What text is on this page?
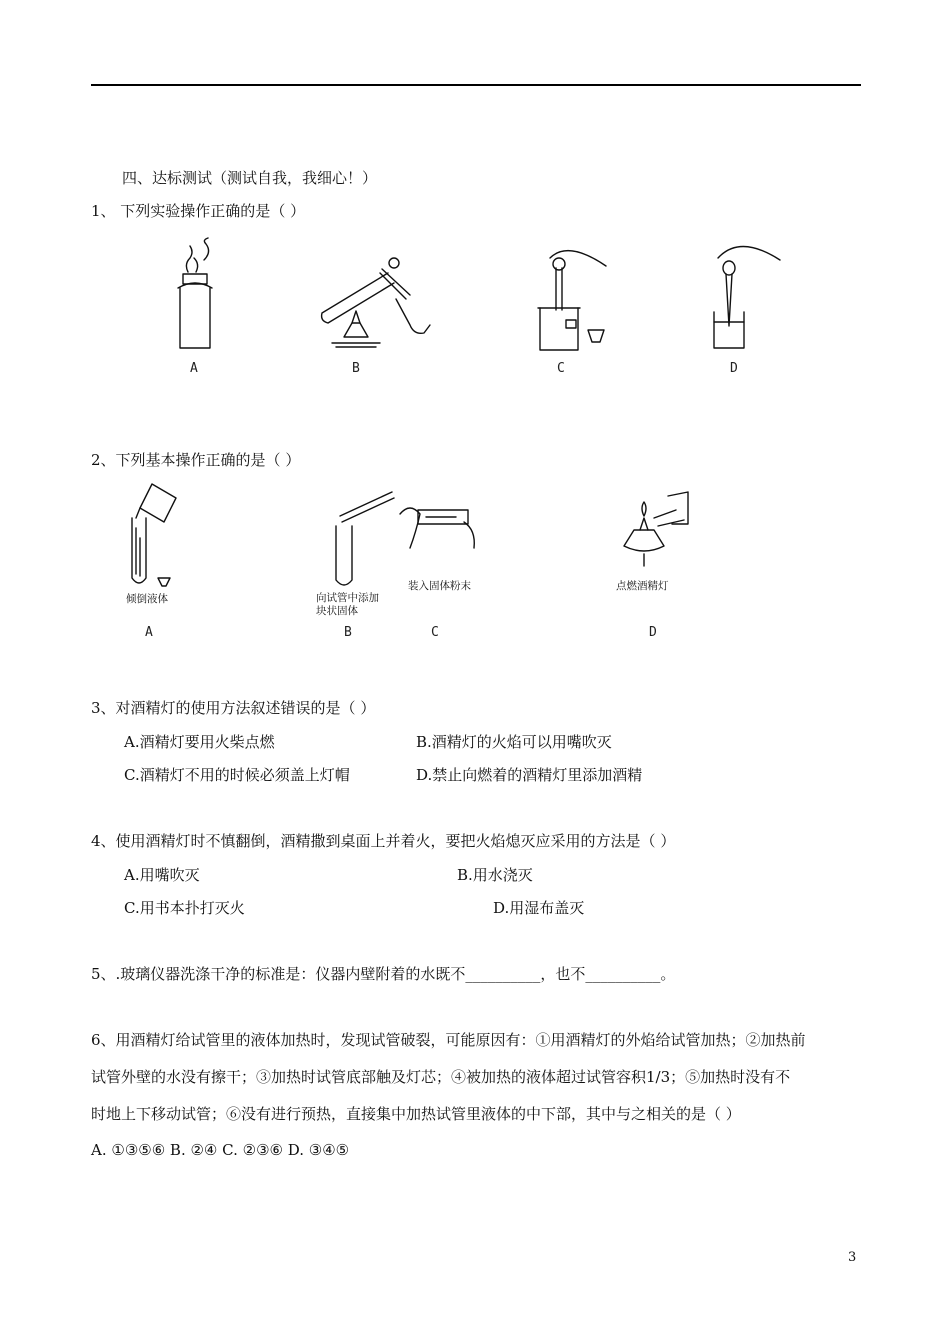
四、达标测试（测试自我，我细心！）
1、 下列实验操作正确的是（ ）
A	B	C	D
2、下列基本操作正确的是（ ）
倾倒液体
A
向试管中添加
块状固体
B
装入固体粉末
C
点燃酒精灯
D
3、对酒精灯的使用方法叙述错误的是（ ）
A.酒精灯要用火柴点燃	B.酒精灯的火焰可以用嘴吹灭
C.酒精灯不用的时候必须盖上灯帽	D.禁止向燃着的酒精灯里添加酒精
4、使用酒精灯时不慎翻倒，酒精撒到桌面上并着火，要把火焰熄灭应采用的方法是（ ）
A.用嘴吹灭	B.用水浇灭
C.用书本扑打灭火	D.用湿布盖灭
5、.玻璃仪器洗涤干净的标准是：仪器内壁附着的水既不__________，也不__________。
6、用酒精灯给试管里的液体加热时，发现试管破裂，可能原因有：①用酒精灯的外焰给试管加热；②加热前
试管外壁的水没有擦干；③加热时试管底部触及灯芯；④被加热的液体超过试管容积1/3；⑤加热时没有不
时地上下移动试管；⑥没有进行预热，直接集中加热试管里液体的中下部，其中与之相关的是（ ）
A. ①③⑤⑥ B. ②④ C. ②③⑥ D. ③④⑤
3
